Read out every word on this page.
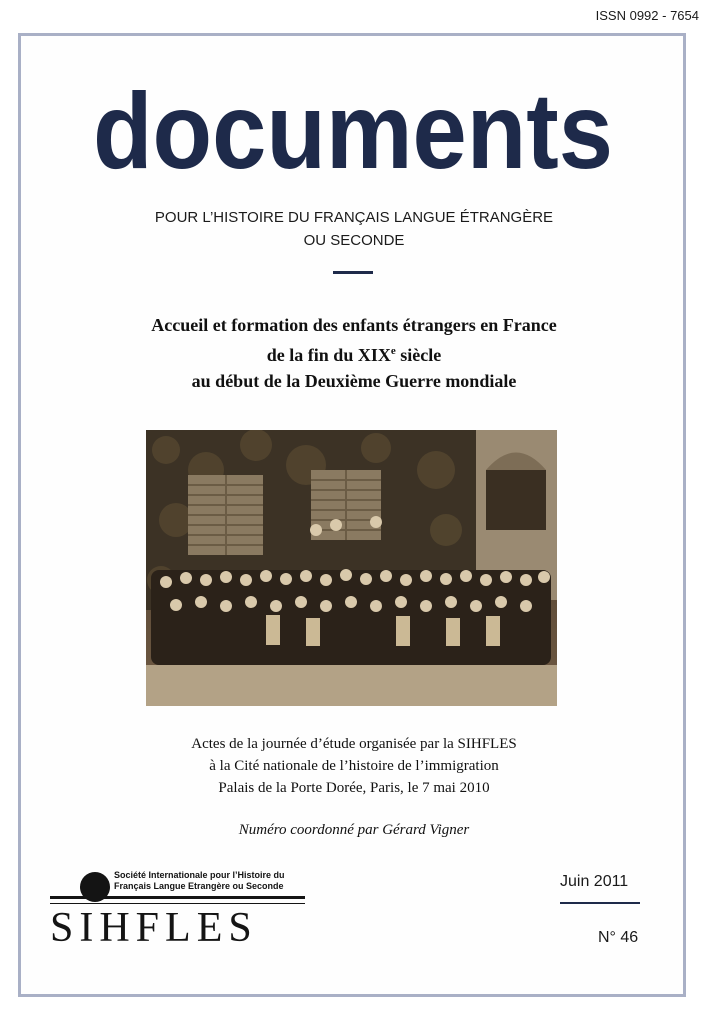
ISSN 0992 - 7654
documents
POUR L’HISTOIRE DU FRANÇAIS LANGUE ÉTRANGÈRE
OU SECONDE
Accueil et formation des enfants étrangers en France
de la fin du XIXe siècle
au début de la Deuxième Guerre mondiale
Actes de la journée d’étude organisée par la SIHFLES
à la Cité nationale de l’histoire de l’immigration
Palais de la Porte Dorée, Paris, le 7 mai 2010
Numéro coordonné par Gérard Vigner
Société Internationale pour l’Histoire du
Français Langue Etrangère ou Seconde
SIHFLES
Juin 2011
N° 46
